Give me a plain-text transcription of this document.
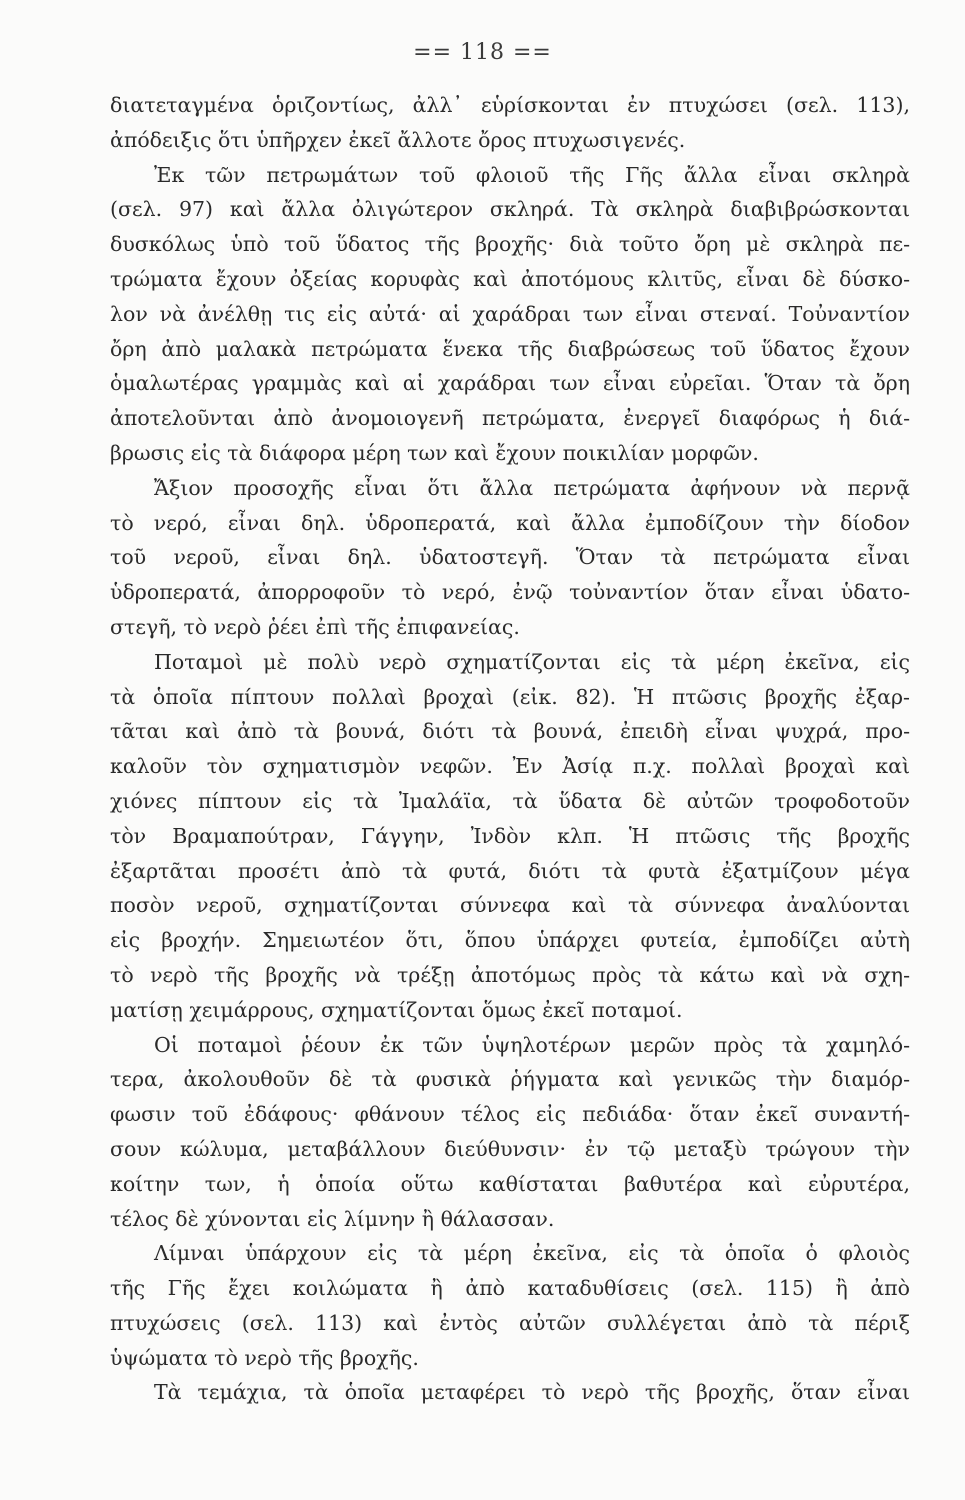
== 118 ==
διατεταγμένα ὁριζοντίως, ἀλλ᾽ εὑρίσκονται ἐν πτυχώσει (σελ. 113),
ἀπόδειξις ὅτι ὑπῆρχεν ἐκεῖ ἄλλοτε ὄρος πτυχωσιγενές.
Ἐκ τῶν πετρωμάτων τοῦ φλοιοῦ τῆς Γῆς ἄλλα εἶναι σκληρὰ
(σελ. 97) καὶ ἄλλα ὀλιγώτερον σκληρά. Τὰ σκληρὰ διαβιβρώσκονται
δυσκόλως ὑπὸ τοῦ ὕδατος τῆς βροχῆς· διὰ τοῦτο ὄρη μὲ σκληρὰ πε-
τρώματα ἔχουν ὀξείας κορυφὰς καὶ ἀποτόμους κλιτῦς, εἶναι δὲ δύσκο-
λον νὰ ἀνέλθῃ τις εἰς αὐτά· αἱ χαράδραι των εἶναι στεναί. Τοὐναντίον
ὄρη ἀπὸ μαλακὰ πετρώματα ἕνεκα τῆς διαβρώσεως τοῦ ὕδατος ἔχουν
ὁμαλωτέρας γραμμὰς καὶ αἱ χαράδραι των εἶναι εὐρεῖαι. Ὅταν τὰ ὄρη
ἀποτελοῦνται ἀπὸ ἀνομοιογενῆ πετρώματα, ἐνεργεῖ διαφόρως ἡ διά-
βρωσις εἰς τὰ διάφορα μέρη των καὶ ἔχουν ποικιλίαν μορφῶν.
Ἄξιον προσοχῆς εἶναι ὅτι ἄλλα πετρώματα ἀφήνουν νὰ περνᾷ
τὸ νερό, εἶναι δηλ. ὑδροπερατά, καὶ ἄλλα ἐμποδίζουν τὴν δίοδον
τοῦ νεροῦ, εἶναι δηλ. ὑδατοστεγῆ. Ὅταν τὰ πετρώματα εἶναι
ὑδροπερατά, ἀπορροφοῦν τὸ νερό, ἐνῷ τοὐναντίον ὅταν εἶναι ὑδατο-
στεγῆ, τὸ νερὸ ῥέει ἐπὶ τῆς ἐπιφανείας.
Ποταμοὶ μὲ πολὺ νερὸ σχηματίζονται εἰς τὰ μέρη ἐκεῖνα, εἰς
τὰ ὁποῖα πίπτουν πολλαὶ βροχαὶ (εἰκ. 82). Ἡ πτῶσις βροχῆς ἐξαρ-
τᾶται καὶ ἀπὸ τὰ βουνά, διότι τὰ βουνά, ἐπειδὴ εἶναι ψυχρά, προ-
καλοῦν τὸν σχηματισμὸν νεφῶν. Ἐν Ἀσίᾳ π.χ. πολλαὶ βροχαὶ καὶ
χιόνες πίπτουν εἰς τὰ Ἰμαλάϊα, τὰ ὕδατα δὲ αὐτῶν τροφοδοτοῦν
τὸν Βραμαπούτραν, Γάγγην, Ἰνδὸν κλπ. Ἡ πτῶσις τῆς βροχῆς
ἐξαρτᾶται προσέτι ἀπὸ τὰ φυτά, διότι τὰ φυτὰ ἐξατμίζουν μέγα
ποσὸν νεροῦ, σχηματίζονται σύννεφα καὶ τὰ σύννεφα ἀναλύονται
εἰς βροχήν. Σημειωτέον ὅτι, ὅπου ὑπάρχει φυτεία, ἐμποδίζει αὐτὴ
τὸ νερὸ τῆς βροχῆς νὰ τρέξῃ ἀποτόμως πρὸς τὰ κάτω καὶ νὰ σχη-
ματίσῃ χειμάρρους, σχηματίζονται ὅμως ἐκεῖ ποταμοί.
Οἱ ποταμοὶ ῥέουν ἐκ τῶν ὑψηλοτέρων μερῶν πρὸς τὰ χαμηλό-
τερα, ἀκολουθοῦν δὲ τὰ φυσικὰ ῥήγματα καὶ γενικῶς τὴν διαμόρ-
φωσιν τοῦ ἐδάφους· φθάνουν τέλος εἰς πεδιάδα· ὅταν ἐκεῖ συναντή-
σουν κώλυμα, μεταβάλλουν διεύθυνσιν· ἐν τῷ μεταξὺ τρώγουν τὴν
κοίτην των, ἡ ὁποία οὕτω καθίσταται βαθυτέρα καὶ εὐρυτέρα,
τέλος δὲ χύνονται εἰς λίμνην ἢ θάλασσαν.
Λίμναι ὑπάρχουν εἰς τὰ μέρη ἐκεῖνα, εἰς τὰ ὁποῖα ὁ φλοιὸς
τῆς Γῆς ἔχει κοιλώματα ἢ ἀπὸ καταδυθίσεις (σελ. 115) ἢ ἀπὸ
πτυχώσεις (σελ. 113) καὶ ἐντὸς αὐτῶν συλλέγεται ἀπὸ τὰ πέριξ
ὑψώματα τὸ νερὸ τῆς βροχῆς.
Τὰ τεμάχια, τὰ ὁποῖα μεταφέρει τὸ νερὸ τῆς βροχῆς, ὅταν εἶναι
